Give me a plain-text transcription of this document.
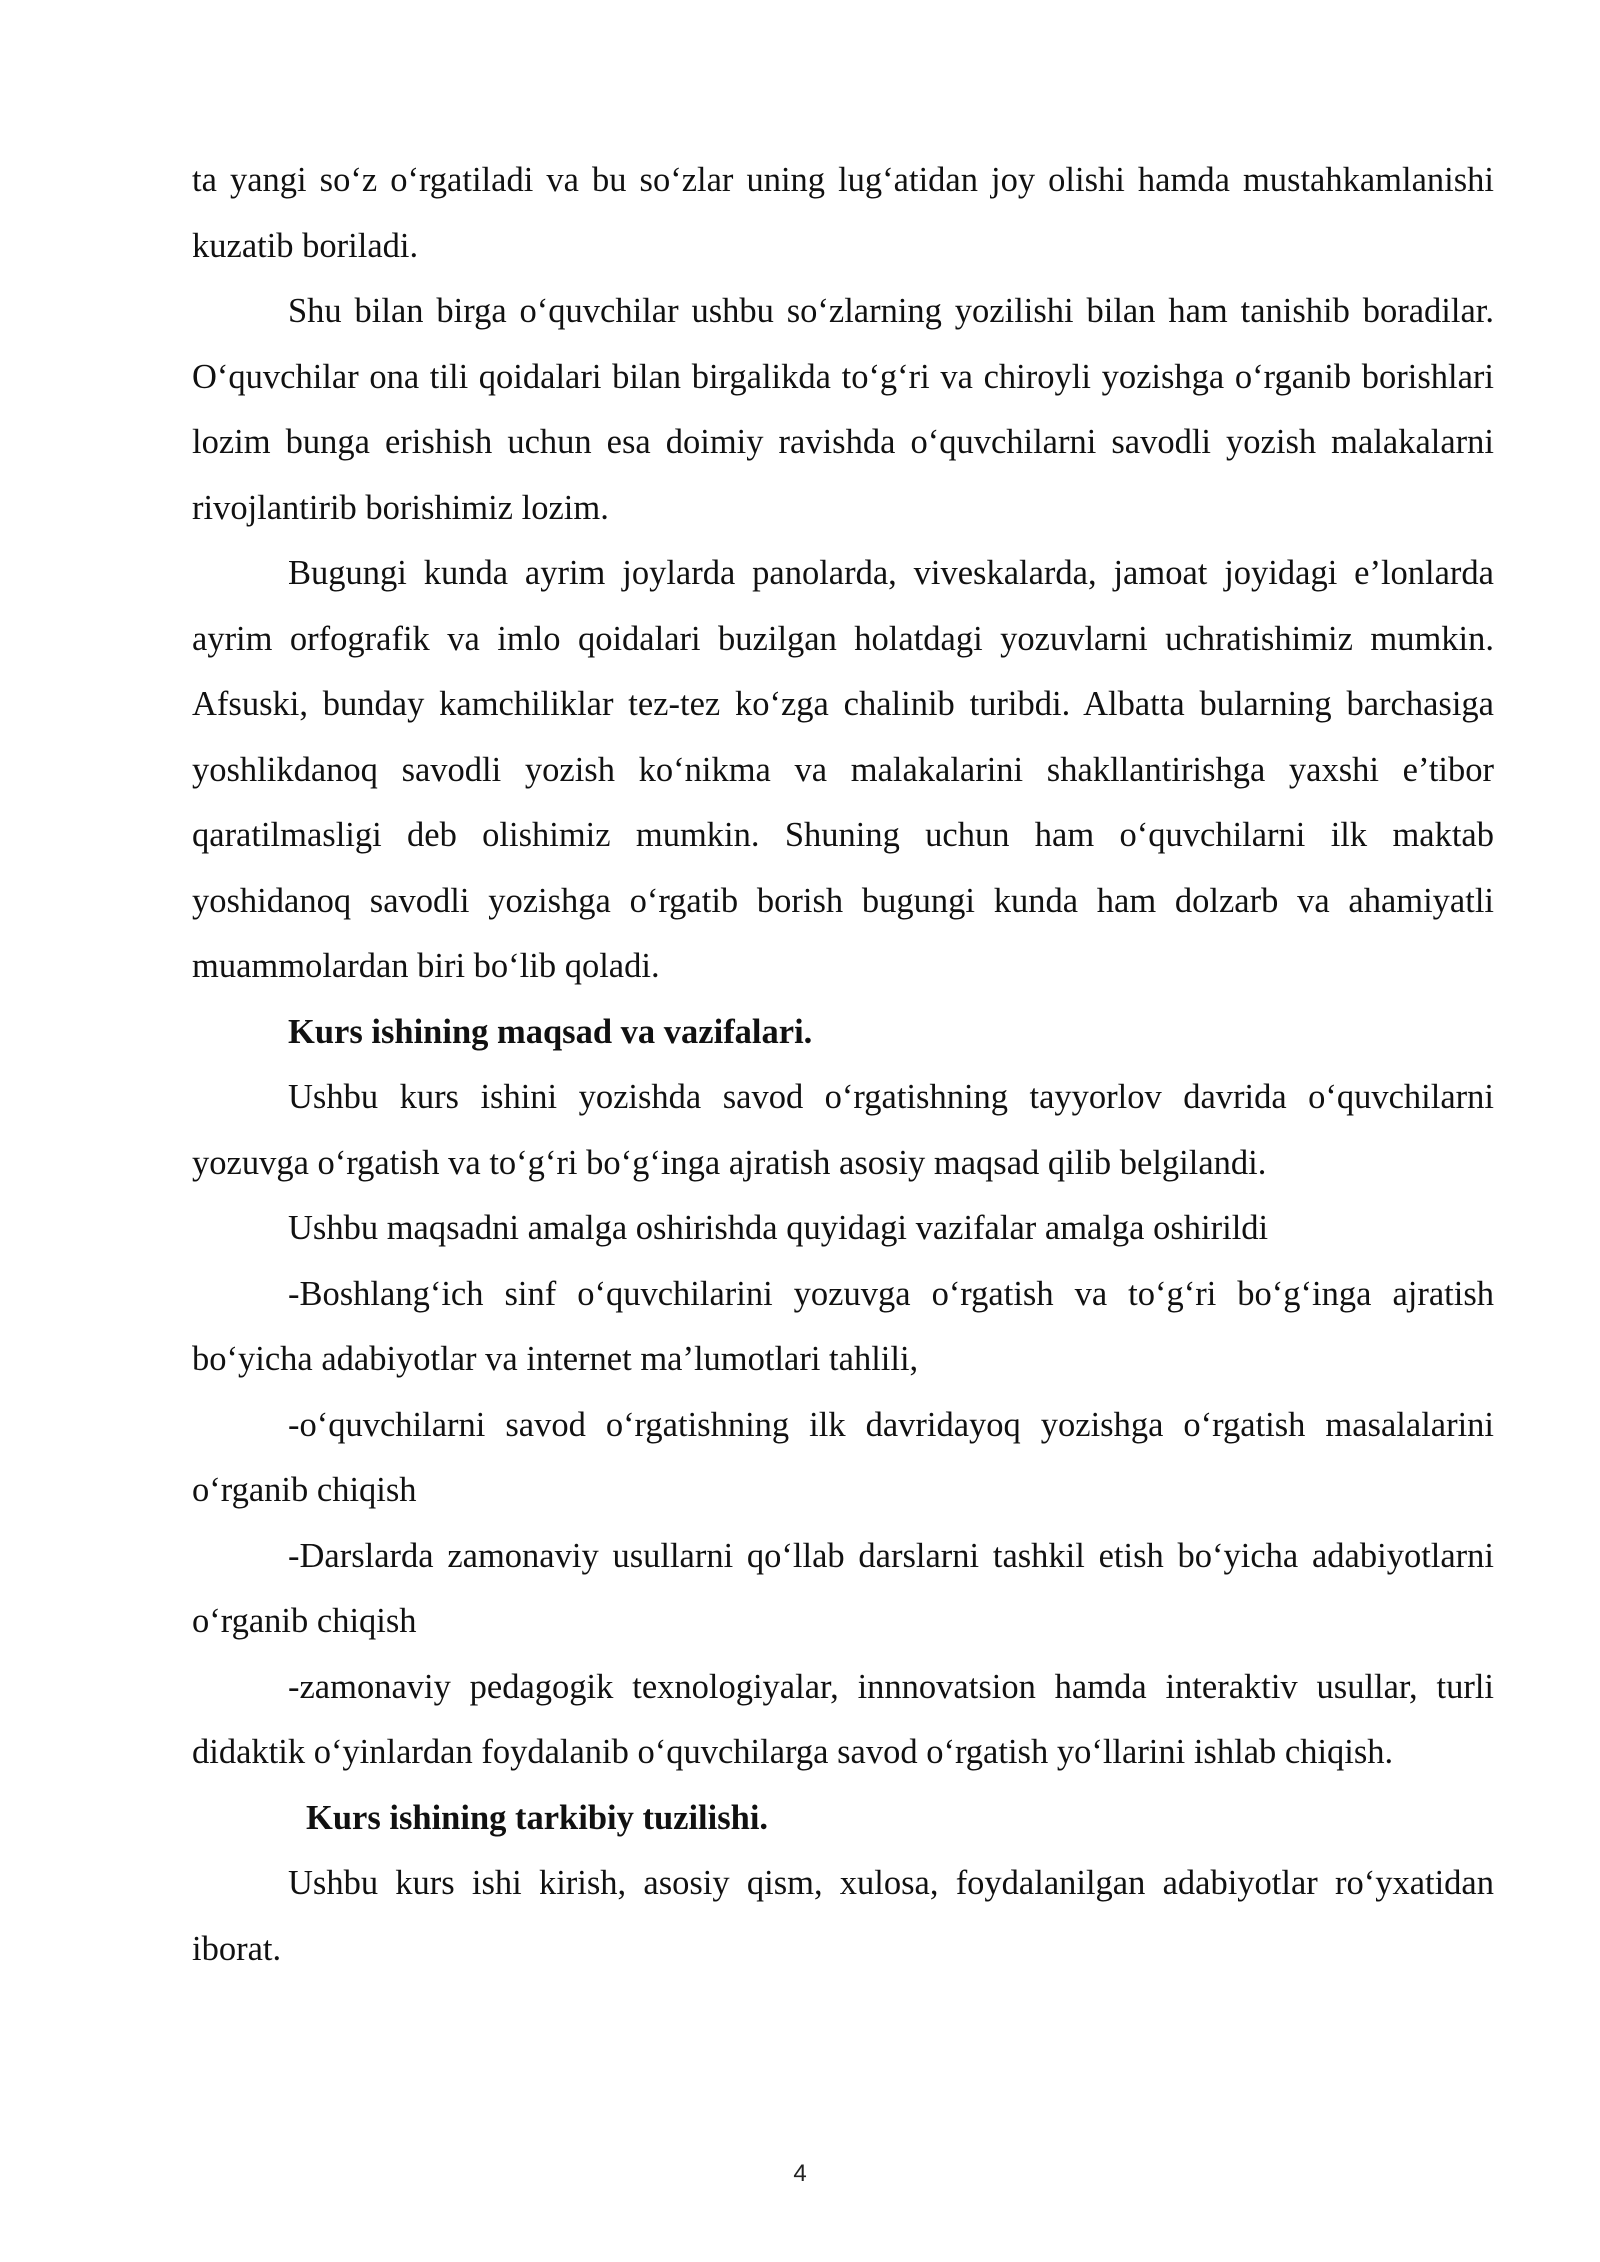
ta yangi so‘z o‘rgatiladi va bu so‘zlar uning lug‘atidan joy olishi hamda mustahkamlanishi kuzatib boriladi.

Shu bilan birga o‘quvchilar ushbu so‘zlarning yozilishi bilan ham tanishib boradilar. O‘quvchilar ona tili qoidalari bilan birgalikda to‘g‘ri va chiroyli yozishga o‘rganib borishlari lozim bunga erishish uchun esa doimiy ravishda o‘quvchilarni savodli yozish malakalarni rivojlantirib borishimiz lozim.

Bugungi kunda ayrim joylarda panolarda, viveskalarda, jamoat joyidagi e’lonlarda ayrim orfografik va imlo qoidalari buzilgan holatdagi yozuvlarni uchratishimiz mumkin. Afsuski, bunday kamchiliklar tez-tez ko‘zga chalinib turibdi. Albatta bularning barchasiga yoshlikdanoq savodli yozish ko‘nikma va malakalarini shakllantirishga yaxshi e’tibor qaratilmasligi deb olishimiz mumkin. Shuning uchun ham o‘quvchilarni ilk maktab yoshidanoq savodli yozishga o‘rgatib borish bugungi kunda ham dolzarb va ahamiyatli muammolardan biri bo‘lib qoladi.

Kurs ishining maqsad va vazifalari.

Ushbu kurs ishini yozishda savod o‘rgatishning tayyorlov davrida o‘quvchilarni yozuvga o‘rgatish va to‘g‘ri bo‘g‘inga ajratish asosiy maqsad qilib belgilandi.

Ushbu maqsadni amalga oshirishda quyidagi vazifalar amalga oshirildi

-Boshlang‘ich sinf o‘quvchilarini yozuvga o‘rgatish va to‘g‘ri bo‘g‘inga ajratish bo‘yicha adabiyotlar va internet ma’lumotlari tahlili,

-o‘quvchilarni savod o‘rgatishning ilk davridayoq yozishga o‘rgatish masalalarini o‘rganib chiqish

-Darslarda zamonaviy usullarni qo‘llab darslarni tashkil etish bo‘yicha adabiyotlarni o‘rganib chiqish

-zamonaviy pedagogik texnologiyalar, innnovatsion hamda interaktiv usullar, turli didaktik o‘yinlardan foydalanib o‘quvchilarga savod o‘rgatish yo‘llarini ishlab chiqish.

Kurs ishining tarkibiy tuzilishi.

Ushbu kurs ishi kirish, asosiy qism, xulosa, foydalanilgan adabiyotlar ro‘yxatidan iborat.

4
